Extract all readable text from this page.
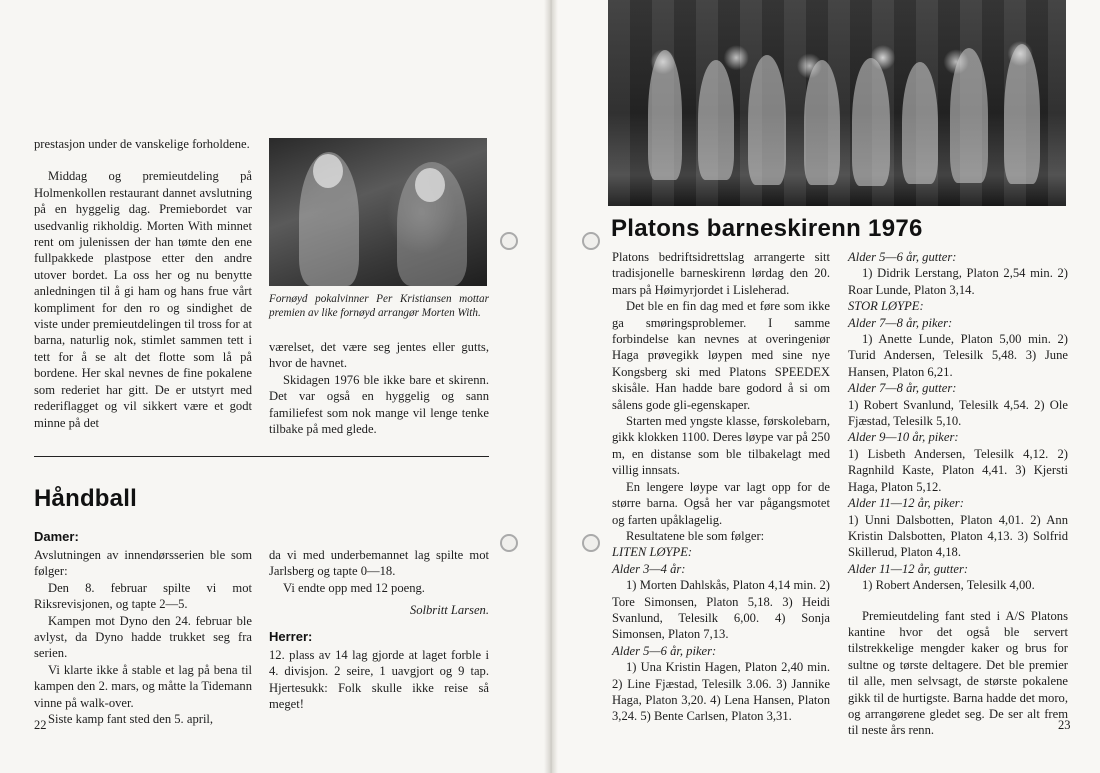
prestasjon under de vanskelige forholdene.

Middag og premieutdeling på Holmenkollen restaurant dannet avslutning på en hyggelig dag. Premiebordet var usedvanlig rikholdig. Morten With minnet rent om julenissen der han tømte den ene fullpakkede plastpose etter den andre utover bordet. La oss her og nu benytte anledningen til å gi ham og hans frue vårt kompliment for den ro og sindighet de viste under premieutdelingen til tross for at barna, naturlig nok, stimlet sammen tett i tett for å se alt det flotte som lå på bordene. Her skal nevnes de fine pokalene som rederiet har gitt. De er utstyrt med rederiflagget og vil sikkert være et godt minne på det

Fornøyd pokalvinner Per Kristiansen mottar premien av like fornøyd arrangør Morten With.

værelset, det være seg jentes eller gutts, hvor de havnet.

Skidagen 1976 ble ikke bare et skirenn. Det var også en hyggelig og sann familiefest som nok mange vil lenge tenke tilbake på med glede.

Håndball
Damer:

Avslutningen av innendørsserien ble som følger:

Den 8. februar spilte vi mot Riksrevisjonen, og tapte 2—5.

Kampen mot Dyno den 24. februar ble avlyst, da Dyno hadde trukket seg fra serien.

Vi klarte ikke å stable et lag på bena til kampen den 2. mars, og måtte la Tidemann vinne på walk-over.

Siste kamp fant sted den 5. april,

da vi med underbemannet lag spilte mot Jarlsberg og tapte 0—18.

Vi endte opp med 12 poeng.

Solbritt Larsen.

Herrer:

12. plass av 14 lag gjorde at laget forble i 4. divisjon. 2 seire, 1 uavgjort og 9 tap. Hjertesukk: Folk skulle ikke reise så meget!

22
Platons barneskirenn 1976

Platons bedriftsidrettslag arrangerte sitt tradisjonelle barneskirenn lørdag den 20. mars på Høimyrjordet i Lisleherad.

Det ble en fin dag med et føre som ikke ga smøringsproblemer. I samme forbindelse kan nevnes at overingeniør Haga prøvegikk løypen med sine nye Kongsberg ski med Platons SPEEDEX skisåle. Han hadde bare godord å si om sålens gode gli-egenskaper.

Starten med yngste klasse, førskolebarn, gikk klokken 1100. Deres løype var på 250 m, en distanse som ble tilbakelagt med villig innsats.

En lengere løype var lagt opp for de større barna. Også her var pågangsmotet og farten upåklagelig.

Resultatene ble som følger:

LITEN LØYPE:

Alder 3—4 år:

1) Morten Dahlskås, Platon 4,14 min. 2) Tore Simonsen, Platon 5,18. 3) Heidi Svanlund, Telesilk 6,00. 4) Sonja Simonsen, Platon 7,13.

Alder 5—6 år, piker:

1) Una Kristin Hagen, Platon 2,40 min. 2) Line Fjæstad, Telesilk 3.06. 3) Jannike Haga, Platon 3,20. 4) Lena Hansen, Platon 3,24. 5) Bente Carlsen, Platon 3,31.

Alder 5—6 år, gutter:

1) Didrik Lerstang, Platon 2,54 min. 2) Roar Lunde, Platon 3,14.

STOR LØYPE:

Alder 7—8 år, piker:

1) Anette Lunde, Platon 5,00 min. 2) Turid Andersen, Telesilk 5,48. 3) June Hansen, Platon 6,21.

Alder 7—8 år, gutter:

1) Robert Svanlund, Telesilk 4,54. 2) Ole Fjæstad, Telesilk 5,10.

Alder 9—10 år, piker:

1) Lisbeth Andersen, Telesilk 4,12. 2) Ragnhild Kaste, Platon 4,41. 3) Kjersti Haga, Platon 5,12.

Alder 11—12 år, piker:

1) Unni Dalsbotten, Platon 4,01. 2) Ann Kristin Dalsbotten, Platon 4,13. 3) Solfrid Skillerud, Platon 4,18.

Alder 11—12 år, gutter:

1) Robert Andersen, Telesilk 4,00.

Premieutdeling fant sted i A/S Platons kantine hvor det også ble servert tilstrekkelige mengder kaker og brus for sultne og tørste deltagere. Det ble premier til alle, men selvsagt, de største pokalene gikk til de hurtigste. Barna hadde det moro, og arrangørene gledet seg. De ser alt frem til neste års renn.	23
